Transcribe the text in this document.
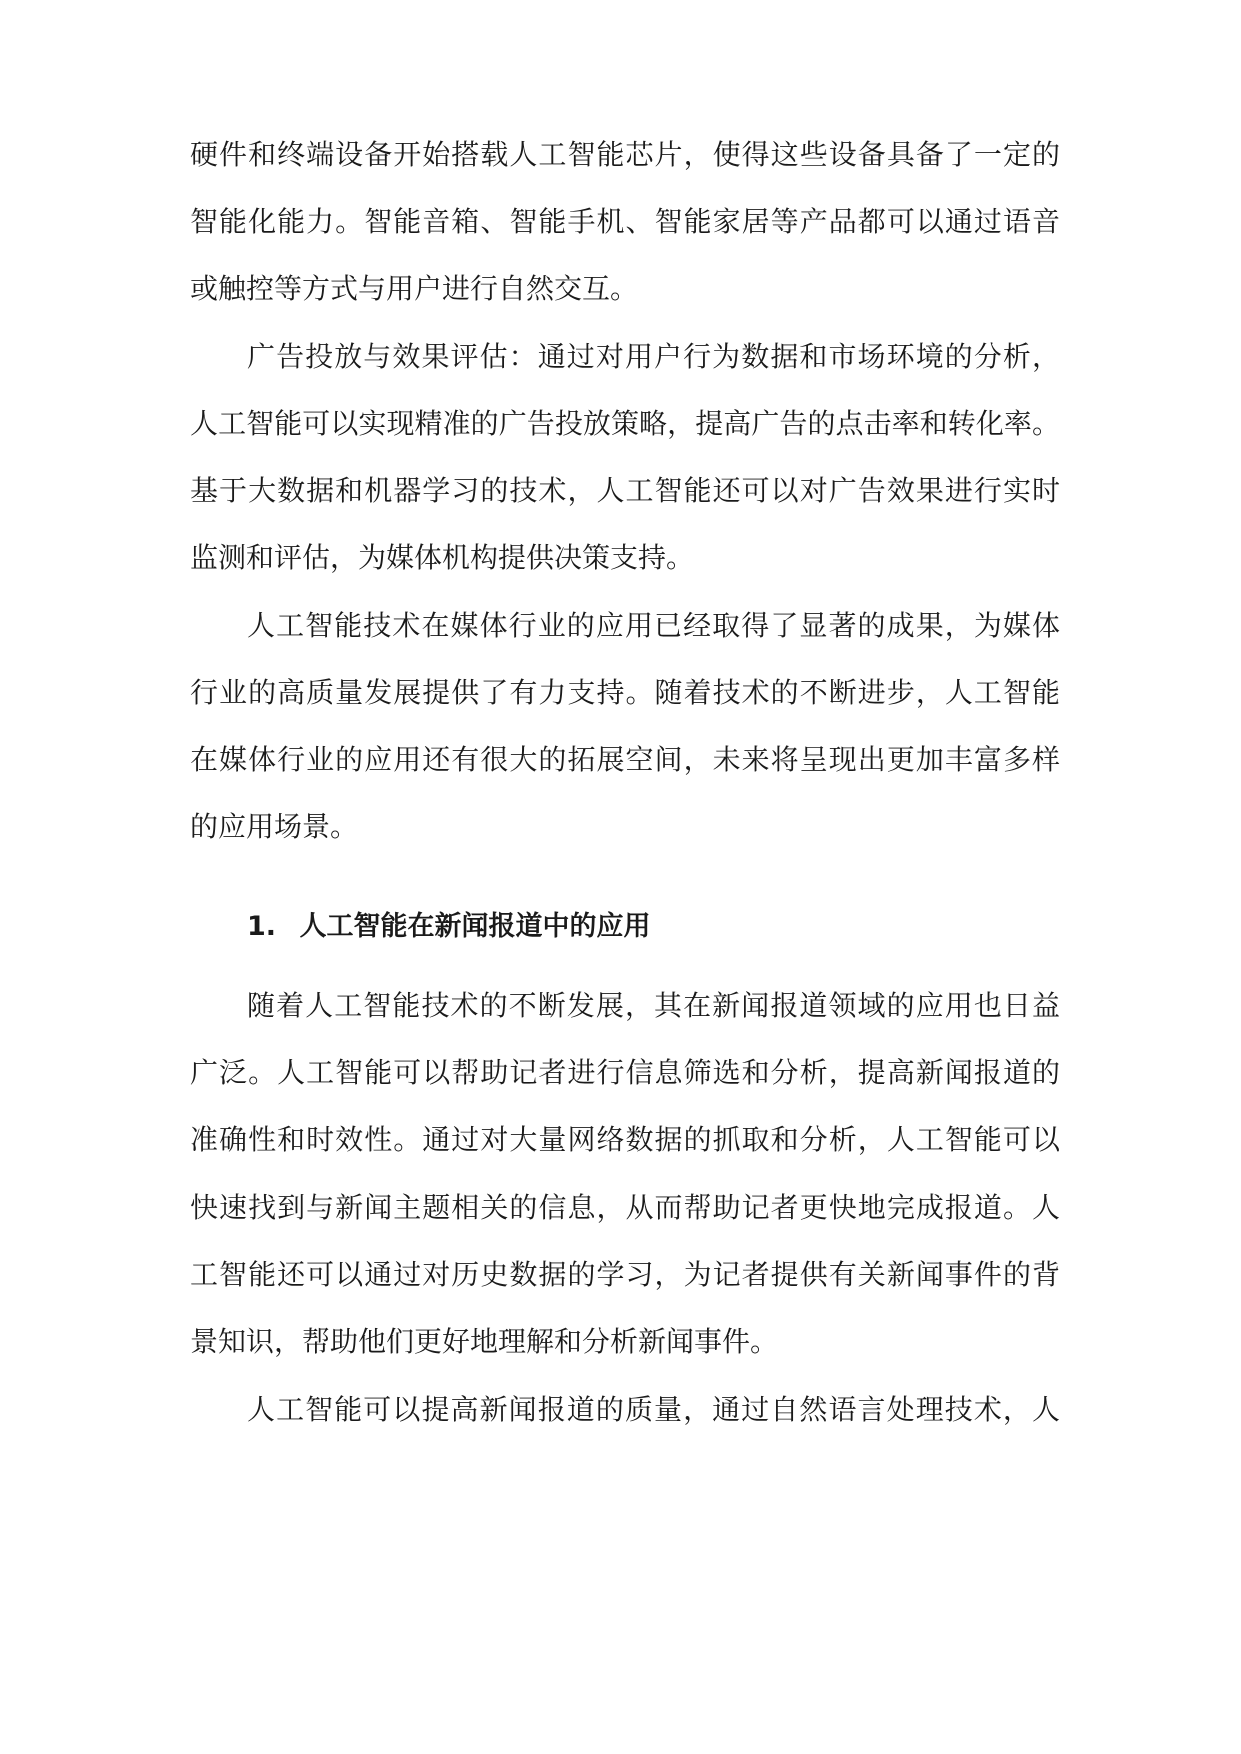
硬件和终端设备开始搭载人工智能芯片，使得这些设备具备了一定的

智能化能力。智能音箱、智能手机、智能家居等产品都可以通过语音

或触控等方式与用户进行自然交互。

广告投放与效果评估：通过对用户行为数据和市场环境的分析，

人工智能可以实现精准的广告投放策略，提高广告的点击率和转化率。

基于大数据和机器学习的技术，人工智能还可以对广告效果进行实时

监测和评估，为媒体机构提供决策支持。

人工智能技术在媒体行业的应用已经取得了显著的成果，为媒体

行业的高质量发展提供了有力支持。随着技术的不断进步，人工智能

在媒体行业的应用还有很大的拓展空间，未来将呈现出更加丰富多样

的应用场景。

1. 人工智能在新闻报道中的应用

随着人工智能技术的不断发展，其在新闻报道领域的应用也日益

广泛。人工智能可以帮助记者进行信息筛选和分析，提高新闻报道的

准确性和时效性。通过对大量网络数据的抓取和分析，人工智能可以

快速找到与新闻主题相关的信息，从而帮助记者更快地完成报道。人

工智能还可以通过对历史数据的学习，为记者提供有关新闻事件的背

景知识，帮助他们更好地理解和分析新闻事件。

人工智能可以提高新闻报道的质量，通过自然语言处理技术，人
